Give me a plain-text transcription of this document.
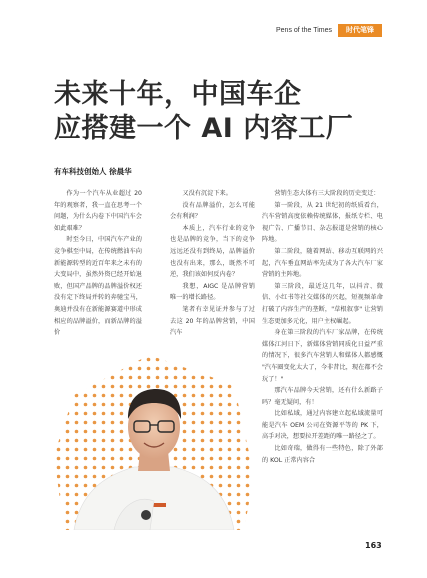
Pens of the Times	时代笔锋
未来十年，中国车企
应搭建一个 AI 内容工厂
有车科技创始人 徐晨华

作为一个汽车从业超过 20 年的观察者，我一直在思考一个问题，为什么内卷下中国汽车会如此艰难？

时至今日，中国汽车产业的竞争棋至中局，在传统燃油车向新能源转型的近百年来之未有的大变局中，虽然外资已经开始退败，但国产品牌的品牌溢价权还没有定下终局并转的奔驰宝马，奥迪并没有在新能源赛道中形成相应的品牌溢价，而新品牌的溢价

又没有沉淀下来。

没有品牌溢价，怎么可能会有利润？

本质上，汽车行业的竞争也是品牌的竞争，当下的竞争远远还没有到终局，品牌溢价也没有出来，那么，既然不可逆，我们该如何反内卷？

我想，AIGC 是品牌营销唯一的增长路径。

笔者有幸见证并参与了过去这 20 年的品牌营销，中国汽车

营销生态大体有三大阶段的历史变迁：

第一阶段，从 21 世纪初的纸质看台，汽车营销高度依赖传统媒体，报纸专栏、电视广告、广播节目、杂志报道是营销的核心阵地。

第二阶段，随着网站、移动互联网的兴起，汽车垂直网站率先成为了各大汽车厂家营销的主阵地。

第三阶段，最近这几年，以抖音、微信、小红书等社交媒体的兴起，短视频革命打破了内容生产的垄断，"草根叙事" 让营销生态更加多元化，用户主权崛起。

身在第三阶段的汽车厂家品牌，在传统媒体江河日下，新媒体营销同质化日益严重的情况下，很多汽车营销人和媒体人都感慨 "汽车圈变化太大了，今非昔比，现在都不会玩了！"

那汽车品牌今天营销，还有什么新路子吗？毫无疑问，有！

比如私域，通过内容建立起私域流量可能是汽车 OEM 公司在资源平等的 PK 下，高手对决，想要拉开差距的唯一路径之了。

比如奇瑞，做得有一些特色，除了外部的 KOL 正常内容合

163
